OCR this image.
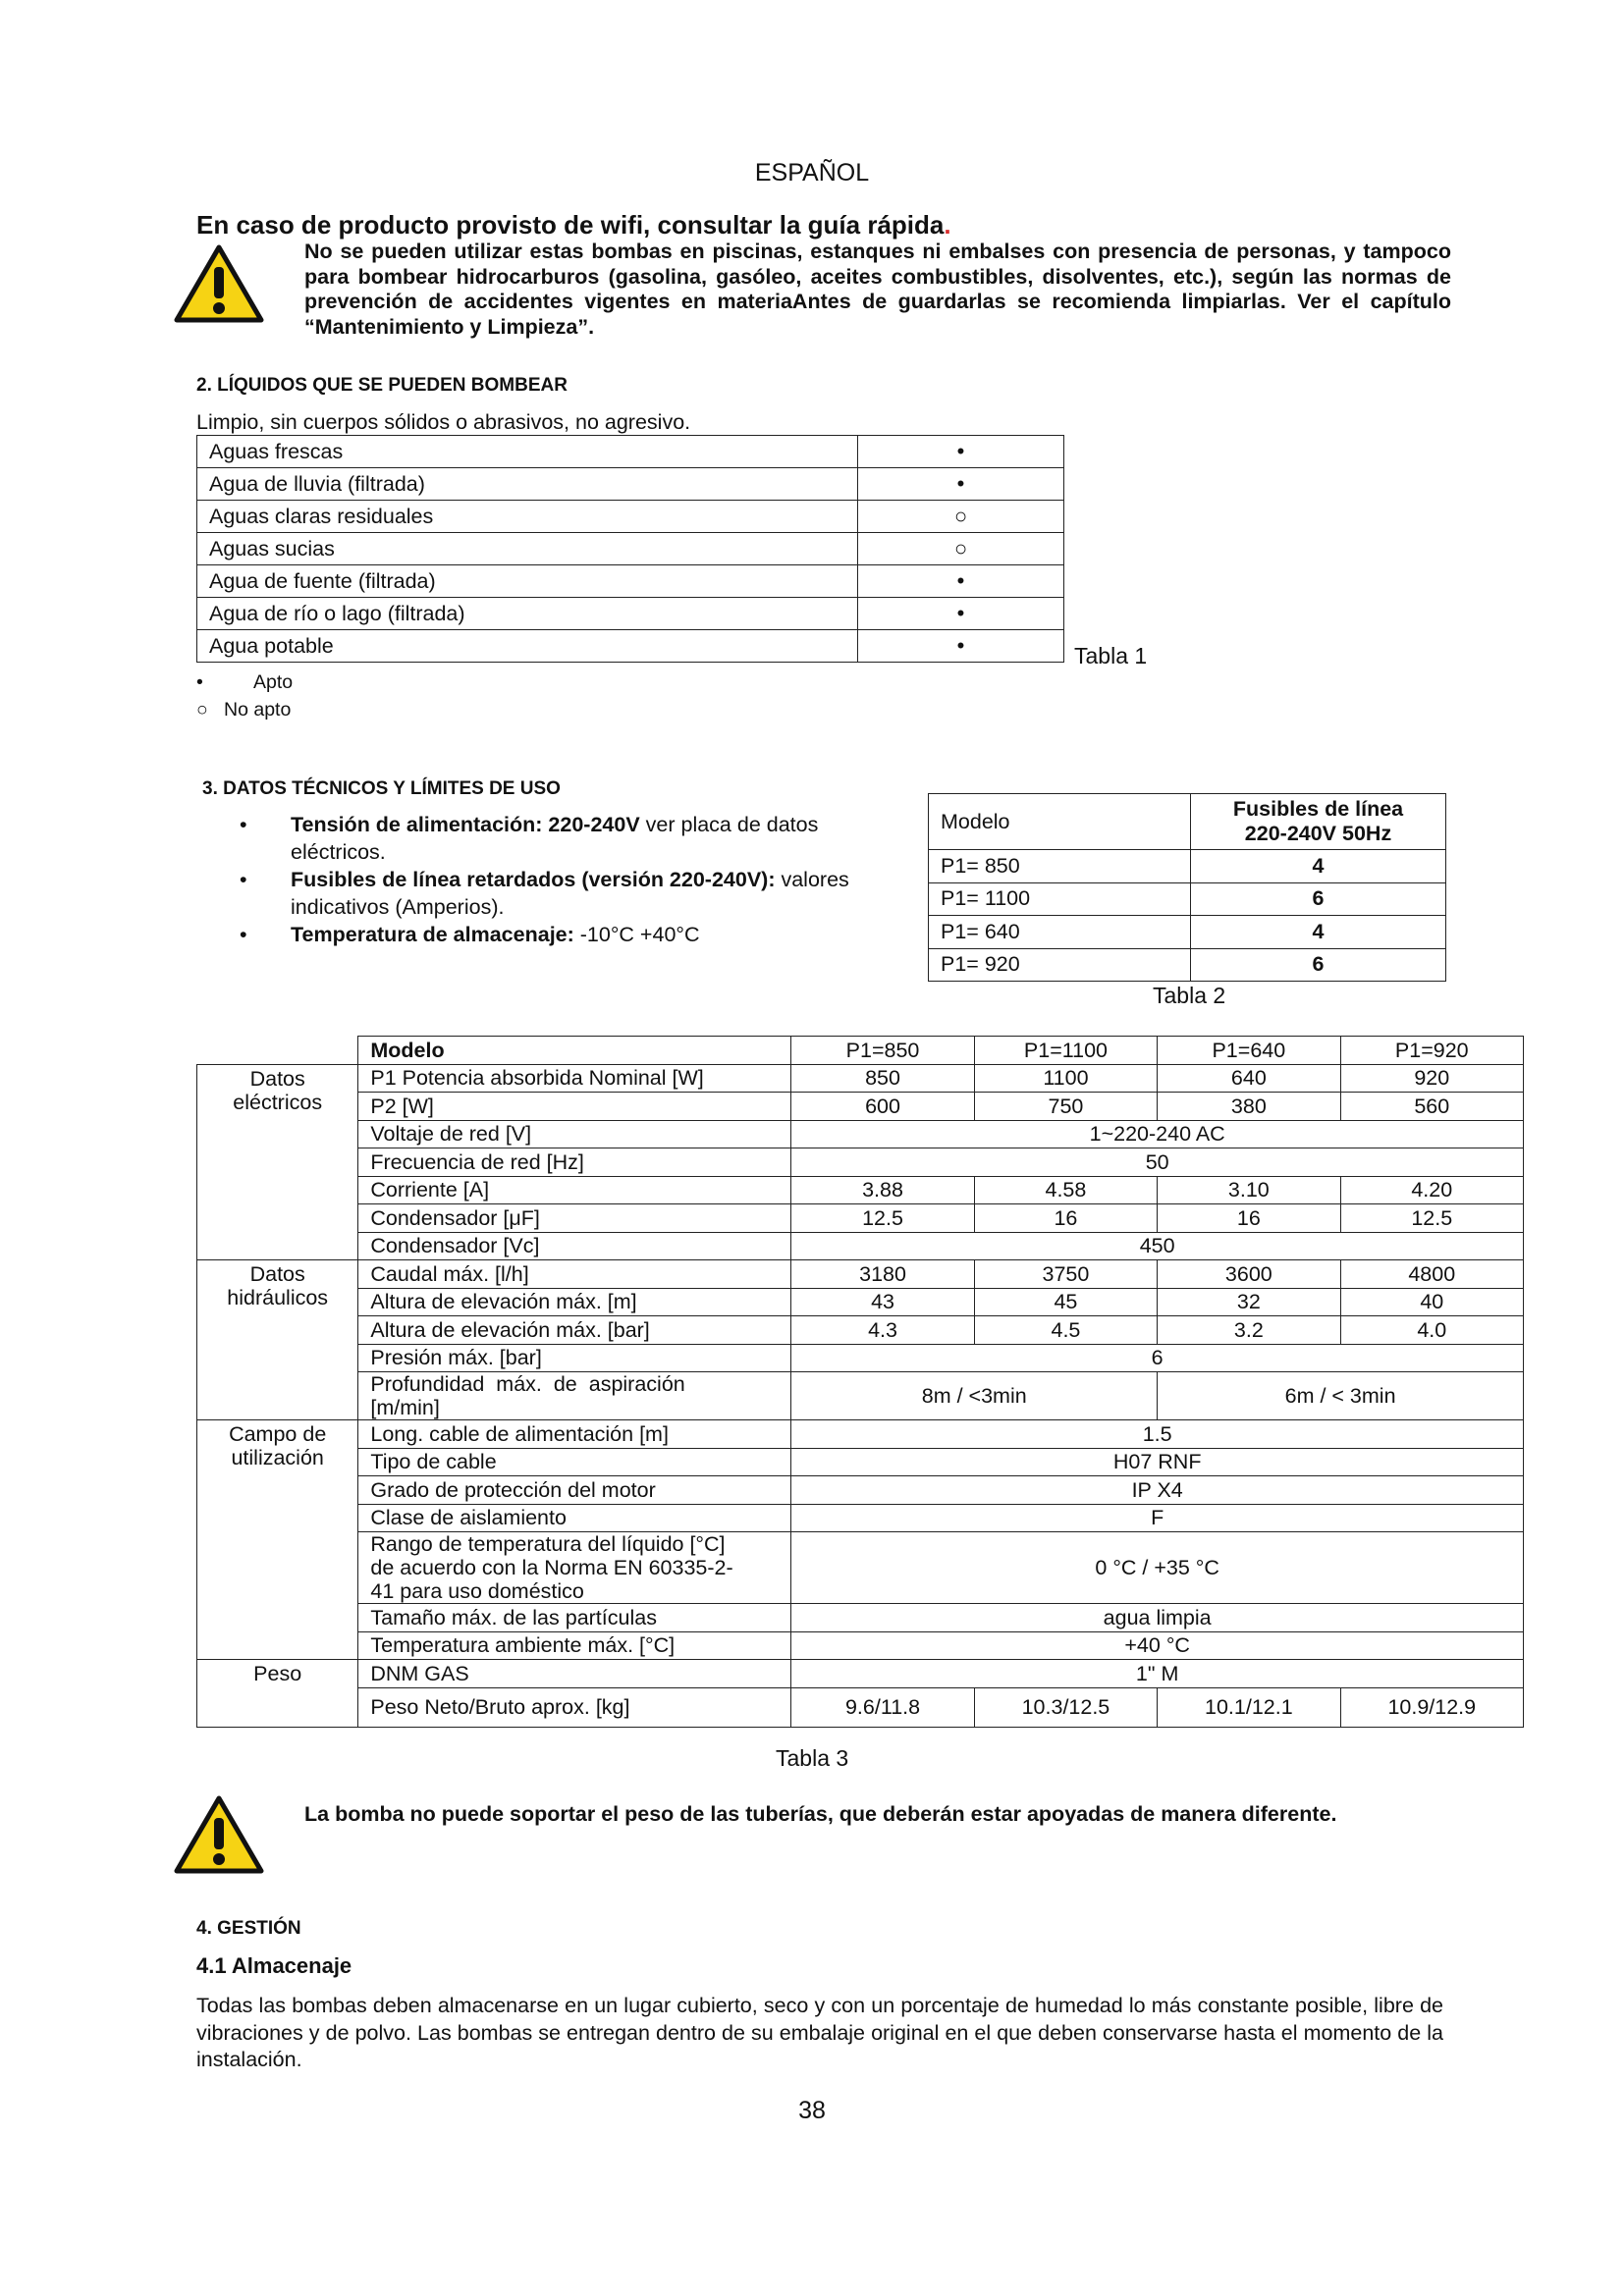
ESPAÑOL
En caso de producto provisto de wifi, consultar la guía rápida.
No se pueden utilizar estas bombas en piscinas, estanques ni embalses con presencia de personas, y tampoco para bombear hidrocarburos (gasolina, gasóleo, aceites combustibles, disolventes, etc.), según las normas de prevención de accidentes vigentes en materiaAntes de guardarlas se recomienda limpiarlas. Ver el capítulo “Mantenimiento y Limpieza”.
2. LÍQUIDOS QUE SE PUEDEN BOMBEAR
Limpio, sin cuerpos sólidos o abrasivos, no agresivo.
Aguas frescas	•
Agua de lluvia (filtrada)	•
Aguas claras residuales	○
Aguas sucias	○
Agua de fuente (filtrada)	•
Agua de río o lago (filtrada)	•
Agua potable	•	Tabla 1
•	Apto
○ No apto
3. DATOS TÉCNICOS Y LÍMITES DE USO
• Tensión de alimentación: 220-240V ver placa de datos eléctricos.
• Fusibles de línea retardados (versión 220-240V): valores indicativos (Amperios).
• Temperatura de almacenaje: -10°C +40°C
Modelo	Fusibles de línea
220-240V 50Hz

P1= 850	4
P1= 1100	6
P1= 640	4
P1= 920	6
Tabla 2
	Modelo	P1=850	P1=1100	P1=640	P1=920
Datos eléctricos	P1 Potencia absorbida Nominal [W]	850	1100	640	920
	P2 [W]	600	750	380	560
	Voltaje de red [V]	1~220-240 AC			
	Frecuencia de red [Hz]	50			
	Corriente [A]	3.88	4.58	3.10	4.20
	Condensador [μF]	12.5	16	16	12.5
	Condensador [Vc]	450			
Datos hidráulicos	Caudal máx. [l/h]	3180	3750	3600	4800
	Altura de elevación máx. [m]	43	45	32	40
	Altura de elevación máx. [bar]	4.3	4.5	3.2	4.0
	Presión máx. [bar]	6			

	Profundidad máx. de aspiración
[m/min]	8m / <3min		6m / < 3min	
Campo de utilización	Long. cable de alimentación [m]	1.5			
	Tipo de cable	H07 RNF			
	Grado de protección del motor	IP X4			
	Clase de aislamiento	F			

	Rango de temperatura del líquido [°C]
de acuerdo con la Norma EN 60335-2-
41 para uso doméstico	0 °C / +35 °C			
	Tamaño máx. de las partículas	agua limpia			
	Temperatura ambiente máx. [°C]	+40 °C			
Peso	DNM GAS	1" M			
	Peso Neto/Bruto aprox. [kg]	9.6/11.8	10.3/12.5	10.1/12.1	10.9/12.9
Tabla 3
La bomba no puede soportar el peso de las tuberías, que deberán estar apoyadas de manera diferente.
4. GESTIÓN
4.1 Almacenaje
Todas las bombas deben almacenarse en un lugar cubierto, seco y con un porcentaje de humedad lo más constante posible, libre de vibraciones y de polvo. Las bombas se entregan dentro de su embalaje original en el que deben conservarse hasta el momento de la instalación.
38
